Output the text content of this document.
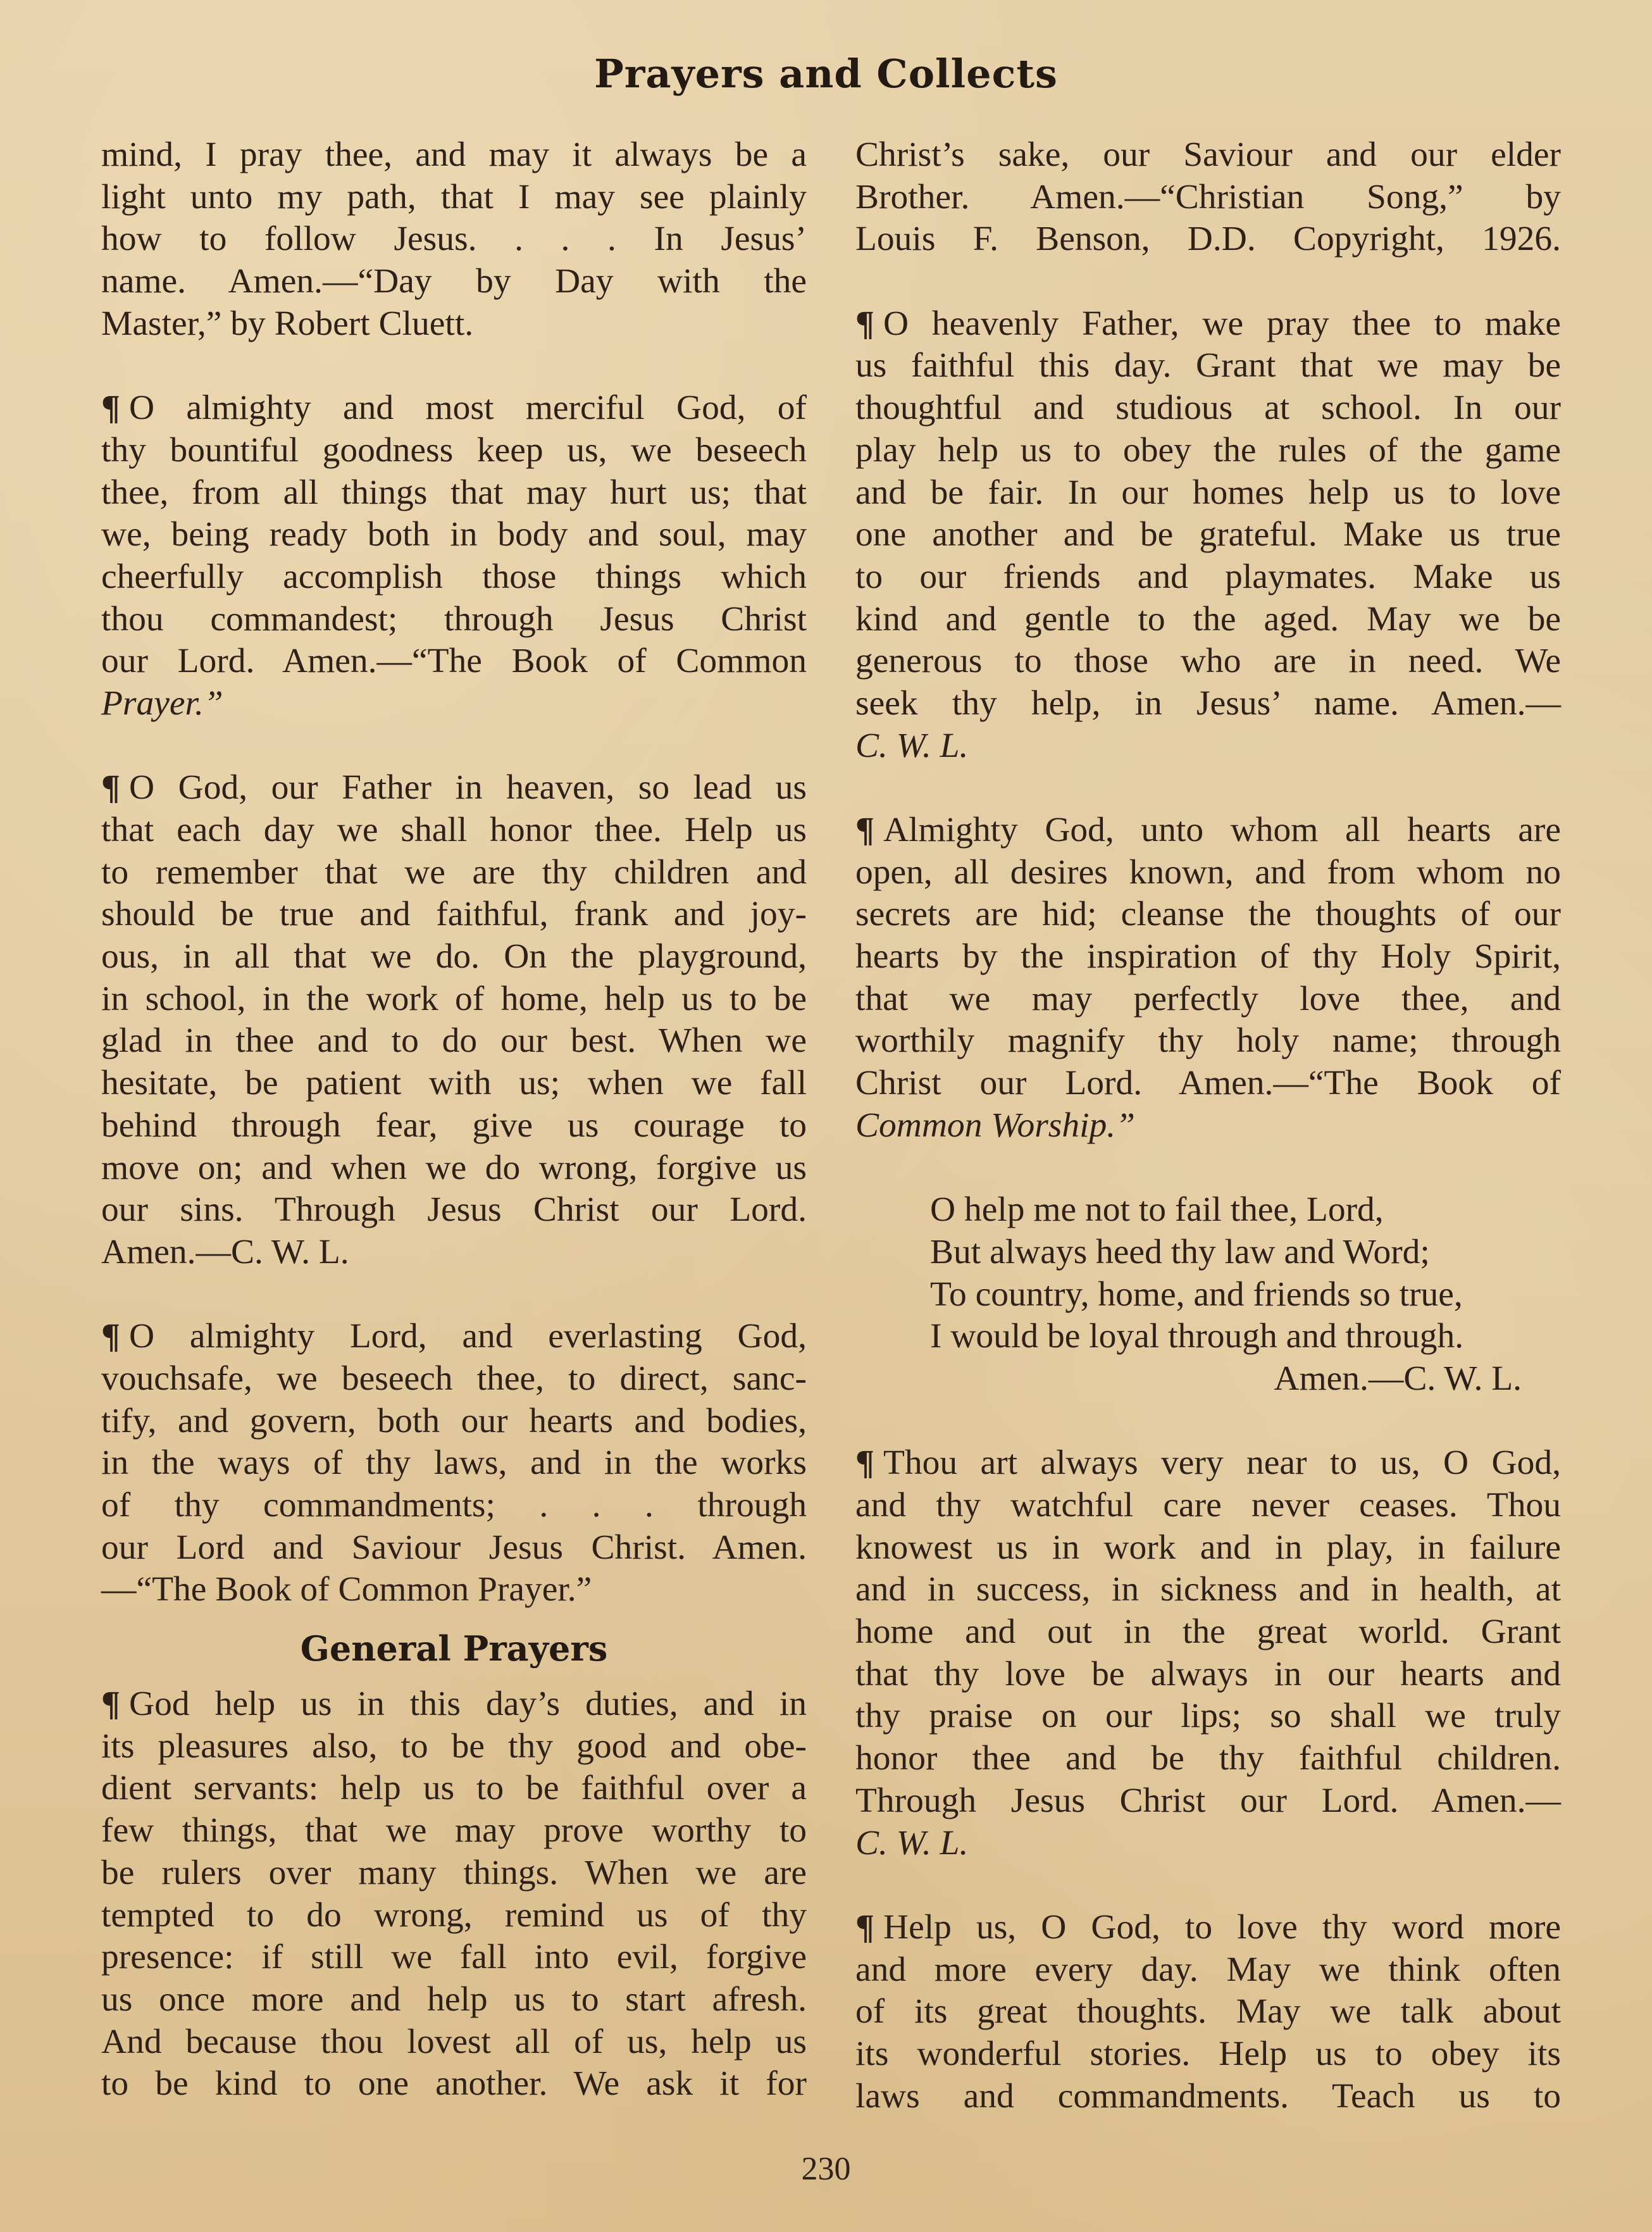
Prayers and Collects
mind, I pray thee, and may it always be a
light unto my path, that I may see plainly
how to follow Jesus. . . . In Jesus’
name. Amen.—“Day by Day with the
Master,” by Robert Cluett.
¶ O almighty and most merciful God, of
thy bountiful goodness keep us, we beseech
thee, from all things that may hurt us; that
we, being ready both in body and soul, may
cheerfully accomplish those things which
thou commandest; through Jesus Christ
our Lord. Amen.—“The Book of Common
Prayer.”
¶ O God, our Father in heaven, so lead us
that each day we shall honor thee. Help us
to remember that we are thy children and
should be true and faithful, frank and joy-
ous, in all that we do. On the playground,
in school, in the work of home, help us to be
glad in thee and to do our best. When we
hesitate, be patient with us; when we fall
behind through fear, give us courage to
move on; and when we do wrong, forgive us
our sins. Through Jesus Christ our Lord.
Amen.—C. W. L.
¶ O almighty Lord, and everlasting God,
vouchsafe, we beseech thee, to direct, sanc-
tify, and govern, both our hearts and bodies,
in the ways of thy laws, and in the works
of thy commandments; . . . through
our Lord and Saviour Jesus Christ. Amen.
—“The Book of Common Prayer.”
General Prayers
¶ God help us in this day’s duties, and in
its pleasures also, to be thy good and obe-
dient servants: help us to be faithful over a
few things, that we may prove worthy to
be rulers over many things. When we are
tempted to do wrong, remind us of thy
presence: if still we fall into evil, forgive
us once more and help us to start afresh.
And because thou lovest all of us, help us
to be kind to one another. We ask it for
Christ’s sake, our Saviour and our elder
Brother. Amen.—“Christian Song,” by
Louis F. Benson, D.D. Copyright, 1926.
¶ O heavenly Father, we pray thee to make
us faithful this day. Grant that we may be
thoughtful and studious at school. In our
play help us to obey the rules of the game
and be fair. In our homes help us to love
one another and be grateful. Make us true
to our friends and playmates. Make us
kind and gentle to the aged. May we be
generous to those who are in need. We
seek thy help, in Jesus’ name. Amen.—
C. W. L.
¶ Almighty God, unto whom all hearts are
open, all desires known, and from whom no
secrets are hid; cleanse the thoughts of our
hearts by the inspiration of thy Holy Spirit,
that we may perfectly love thee, and
worthily magnify thy holy name; through
Christ our Lord. Amen.—“The Book of
Common Worship.”
O help me not to fail thee, Lord,
But always heed thy law and Word;
To country, home, and friends so true,
I would be loyal through and through.
Amen.—C. W. L.
¶ Thou art always very near to us, O God,
and thy watchful care never ceases. Thou
knowest us in work and in play, in failure
and in success, in sickness and in health, at
home and out in the great world. Grant
that thy love be always in our hearts and
thy praise on our lips; so shall we truly
honor thee and be thy faithful children.
Through Jesus Christ our Lord. Amen.—
C. W. L.
¶ Help us, O God, to love thy word more
and more every day. May we think often
of its great thoughts. May we talk about
its wonderful stories. Help us to obey its
laws and commandments. Teach us to
230
